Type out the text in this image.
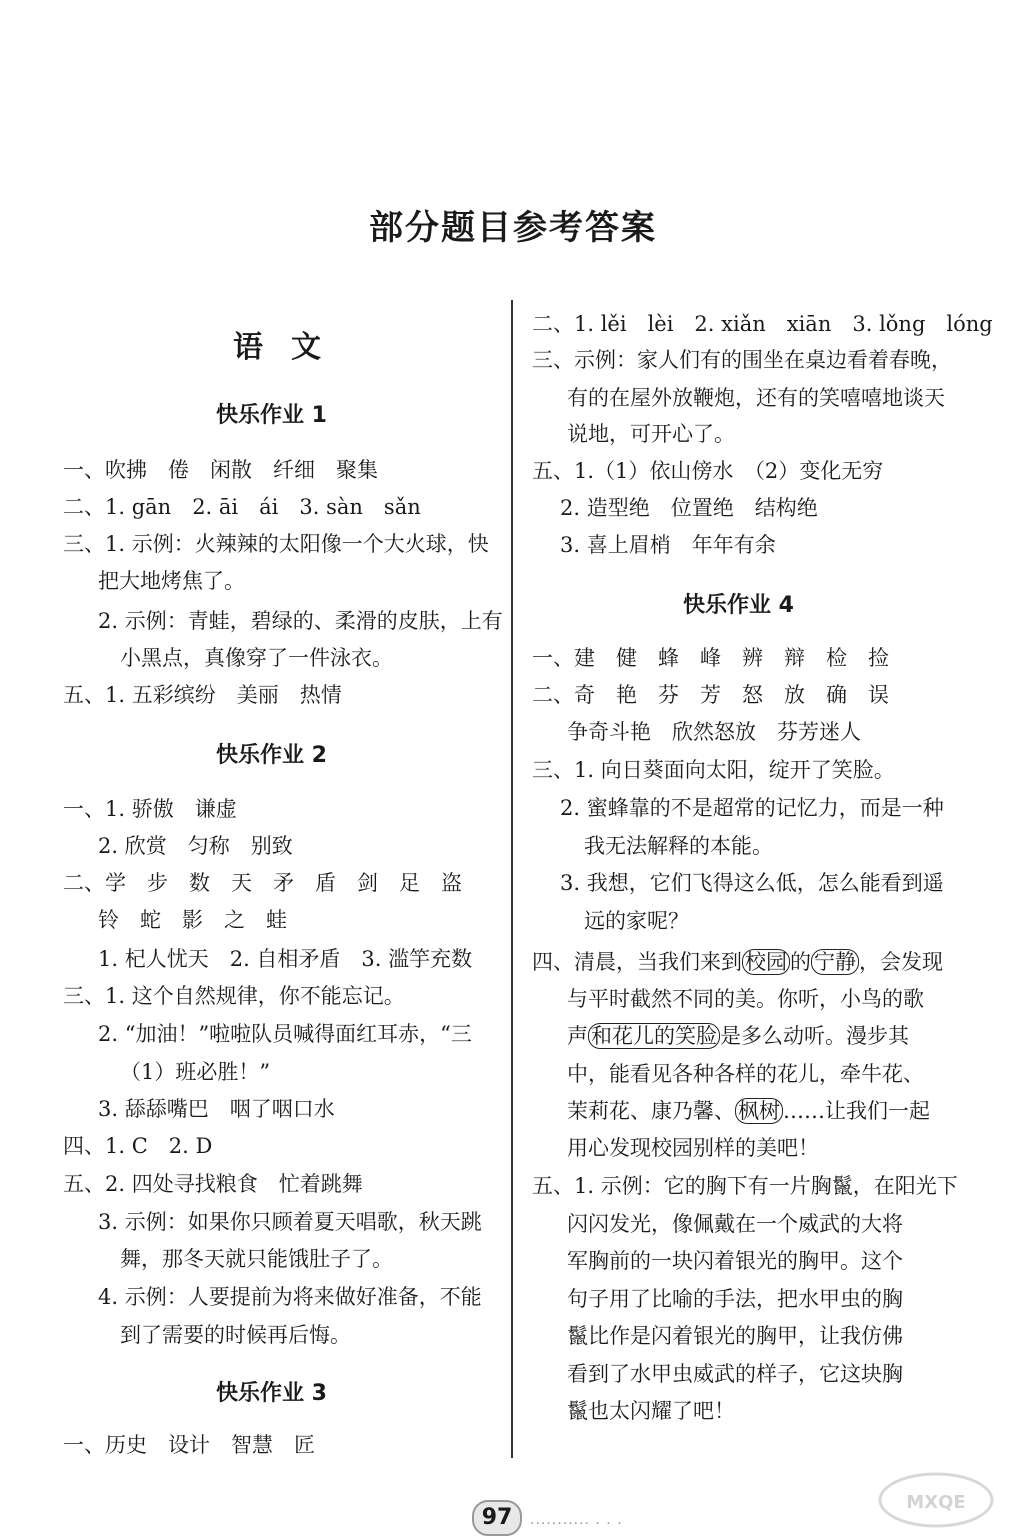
部分题目参考答案
语文
快乐作业 1
一、吹拂　倦　闲散　纤细　聚集
二、1. gān　2. āi　ái　3. sàn　sǎn
三、1. 示例：火辣辣的太阳像一个大火球，快
把大地烤焦了。
2. 示例：青蛙，碧绿的、柔滑的皮肤，上有
小黑点，真像穿了一件泳衣。
五、1. 五彩缤纷　美丽　热情
快乐作业 2
一、1. 骄傲　谦虚
2. 欣赏　匀称　别致
二、学　步　数　天　矛　盾　剑　足　盗
铃　蛇　影　之　蛙
1. 杞人忧天　2. 自相矛盾　3. 滥竽充数
三、1. 这个自然规律，你不能忘记。
2. “加油！”啦啦队员喊得面红耳赤，“三
（1）班必胜！”
3. 舔舔嘴巴　咽了咽口水
四、1. C　2. D
五、2. 四处寻找粮食　忙着跳舞
3. 示例：如果你只顾着夏天唱歌，秋天跳
舞，那冬天就只能饿肚子了。
4. 示例：人要提前为将来做好准备，不能
到了需要的时候再后悔。
快乐作业 3
一、历史　设计　智慧　匠
二、1. lěi　lèi　2. xiǎn　xiān　3. lǒng　lóng
三、示例：家人们有的围坐在桌边看着春晚，
有的在屋外放鞭炮，还有的笑嘻嘻地谈天
说地，可开心了。
五、1.（1）依山傍水　（2）变化无穷
2. 造型绝　位置绝　结构绝
3. 喜上眉梢　年年有余
快乐作业 4
一、建　健　蜂　峰　辨　辩　检　捡
二、奇　艳　芬　芳　怒　放　确　误
争奇斗艳　欣然怒放　芬芳迷人
三、1. 向日葵面向太阳，绽开了笑脸。
2. 蜜蜂靠的不是超常的记忆力，而是一种
我无法解释的本能。
3. 我想，它们飞得这么低，怎么能看到遥
远的家呢？
四、清晨，当我们来到 校园 的 宁静 ，会发现
与平时截然不同的美。你听，小鸟的歌
声 和花儿的笑脸 是多么动听。漫步其
中，能看见各种各样的花儿，牵牛花、
茉莉花、康乃馨、 枫树 ……让我们一起
用心发现校园别样的美吧！
五、1. 示例：它的胸下有一片胸鬣，在阳光下
闪闪发光，像佩戴在一个威武的大将
军胸前的一块闪着银光的胸甲。这个
句子用了比喻的手法，把水甲虫的胸
鬣比作是闪着银光的胸甲，让我仿佛
看到了水甲虫威武的样子，它这块胸
鬣也太闪耀了吧！
97	··········· · · ·
MXQE
